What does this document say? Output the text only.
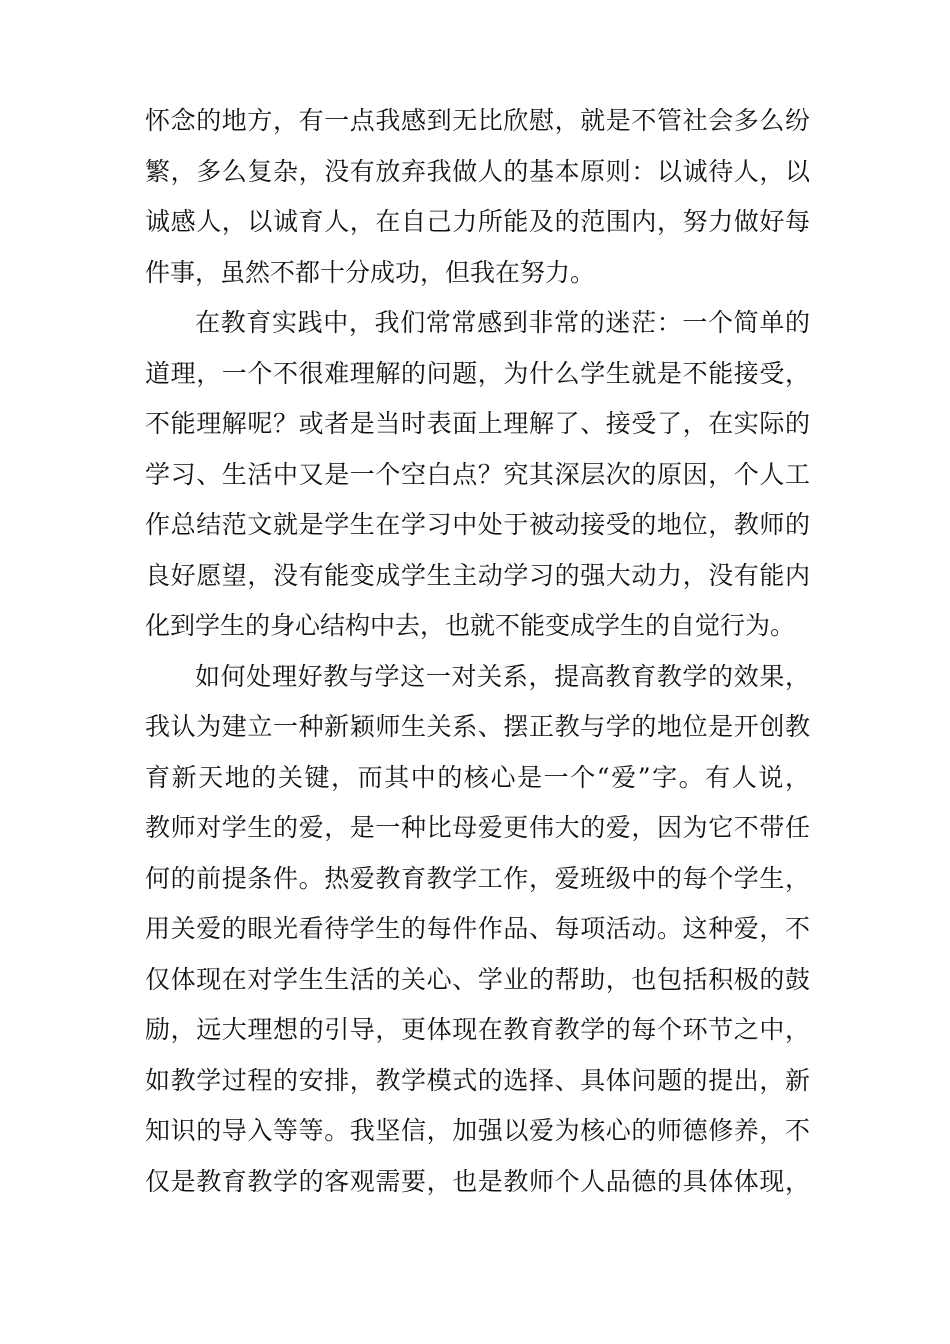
怀念的地方，有一点我感到无比欣慰，就是不管社会多么纷
繁，多么复杂，没有放弃我做人的基本原则：以诚待人，以
诚感人，以诚育人，在自己力所能及的范围内，努力做好每
件事，虽然不都十分成功，但我在努力。
在教育实践中，我们常常感到非常的迷茫：一个简单的
道理，一个不很难理解的问题，为什么学生就是不能接受，
不能理解呢？或者是当时表面上理解了、接受了，在实际的
学习、生活中又是一个空白点？究其深层次的原因，个人工
作总结范文就是学生在学习中处于被动接受的地位，教师的
良好愿望，没有能变成学生主动学习的强大动力，没有能内
化到学生的身心结构中去，也就不能变成学生的自觉行为。
如何处理好教与学这一对关系，提高教育教学的效果，
我认为建立一种新颖师生关系、摆正教与学的地位是开创教
育新天地的关键，而其中的核心是一个“爱”字。有人说，
教师对学生的爱，是一种比母爱更伟大的爱，因为它不带任
何的前提条件。热爱教育教学工作，爱班级中的每个学生，
用关爱的眼光看待学生的每件作品、每项活动。这种爱，不
仅体现在对学生生活的关心、学业的帮助，也包括积极的鼓
励，远大理想的引导，更体现在教育教学的每个环节之中，
如教学过程的安排，教学模式的选择、具体问题的提出，新
知识的导入等等。我坚信，加强以爱为核心的师德修养，不
仅是教育教学的客观需要，也是教师个人品德的具体体现，
